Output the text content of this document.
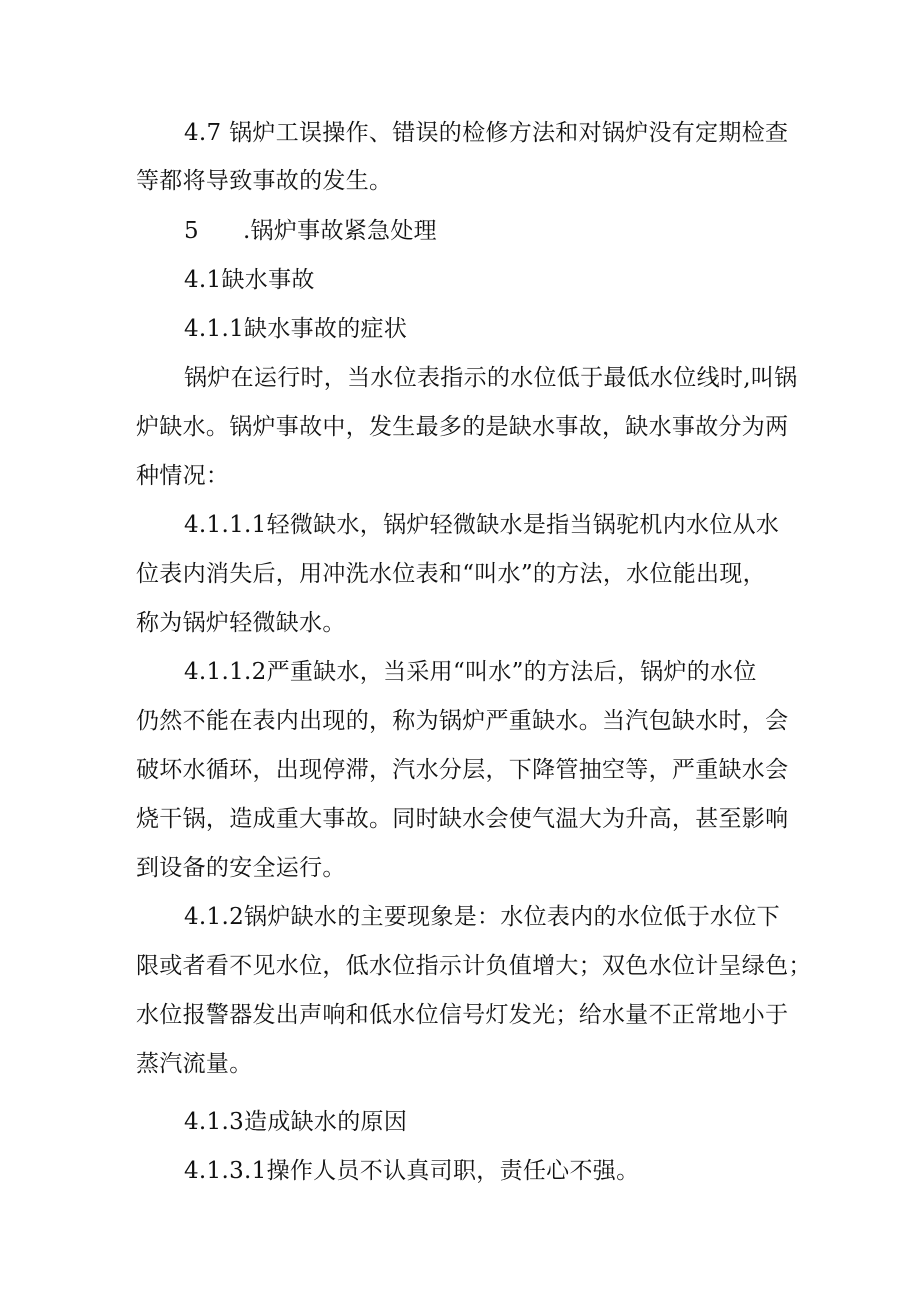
4.7 锅炉工误操作、错误的检修方法和对锅炉没有定期检查
等都将导致事故的发生。
5 .锅炉事故紧急处理
4.1缺水事故
4.1.1缺水事故的症状
锅炉在运行时，当水位表指示的水位低于最低水位线时,叫锅
炉缺水。锅炉事故中，发生最多的是缺水事故，缺水事故分为两
种情况：
4.1.1.1轻微缺水，锅炉轻微缺水是指当锅驼机内水位从水
位表内消失后，用冲洗水位表和“叫水”的方法，水位能出现，
称为锅炉轻微缺水。
4.1.1.2严重缺水，当采用“叫水”的方法后，锅炉的水位
仍然不能在表内出现的，称为锅炉严重缺水。当汽包缺水时，会
破坏水循环，出现停滞，汽水分层，下降管抽空等，严重缺水会
烧干锅，造成重大事故。同时缺水会使气温大为升高，甚至影响
到设备的安全运行。
4.1.2锅炉缺水的主要现象是：水位表内的水位低于水位下
限或者看不见水位，低水位指示计负值增大；双色水位计呈绿色；
水位报警器发出声响和低水位信号灯发光；给水量不正常地小于
蒸汽流量。
4.1.3造成缺水的原因
4.1.3.1操作人员不认真司职，责任心不强。
